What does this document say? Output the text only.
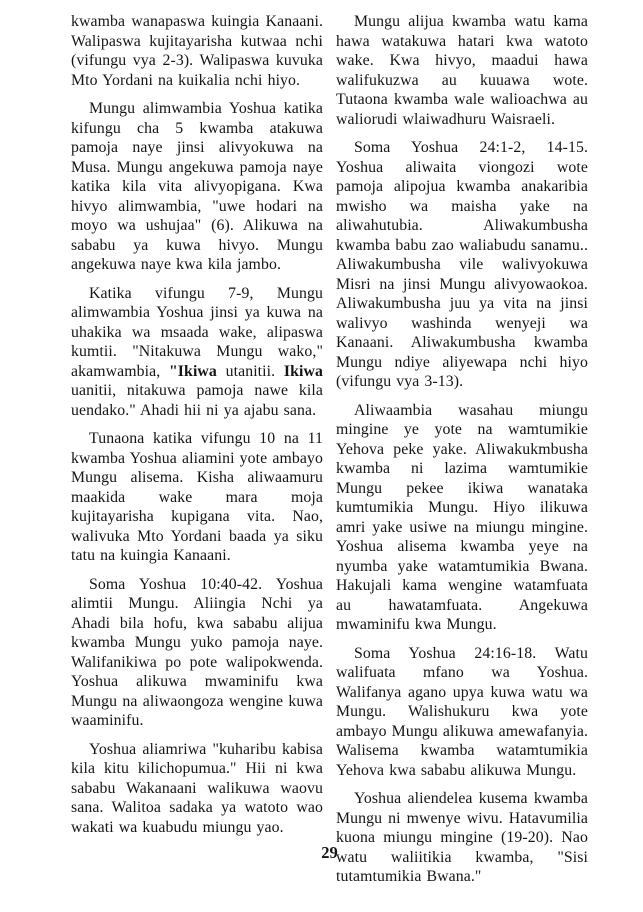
kwamba wanapaswa kuingia Kanaani. Walipaswa kujitayarisha kutwaa nchi (vifungu vya 2-3). Walipaswa kuvuka Mto Yordani na kuikalia nchi hiyo.

Mungu alimwambia Yoshua katika kifungu cha 5 kwamba atakuwa pamoja naye jinsi alivyokuwa na Musa. Mungu angekuwa pamoja naye katika kila vita alivyopigana. Kwa hivyo alimwambia, "uwe hodari na moyo wa ushujaa" (6). Alikuwa na sababu ya kuwa hivyo. Mungu angekuwa naye kwa kila jambo.

Katika vifungu 7-9, Mungu alimwambia Yoshua jinsi ya kuwa na uhakika wa msaada wake, alipaswa kumtii. "Nitakuwa Mungu wako," akamwambia, "Ikiwa utanitii. Ikiwa uanitii, nitakuwa pamoja nawe kila uendako." Ahadi hii ni ya ajabu sana.

Tunaona katika vifungu 10 na 11 kwamba Yoshua aliamini yote ambayo Mungu alisema. Kisha aliwaamuru maakida wake mara moja kujitayarisha kupigana vita. Nao, walivuka Mto Yordani baada ya siku tatu na kuingia Kanaani.

Soma Yoshua 10:40-42. Yoshua alimtii Mungu. Aliingia Nchi ya Ahadi bila hofu, kwa sababu alijua kwamba Mungu yuko pamoja naye. Walifanikiwa po pote walipokwenda. Yoshua alikuwa mwaminifu kwa Mungu na aliwaongoza wengine kuwa waaminifu.

Yoshua aliamriwa "kuharibu kabisa kila kitu kilichopumua." Hii ni kwa sababu Wakanaani walikuwa waovu sana. Walitoa sadaka ya watoto wao wakati wa kuabudu miungu yao.

Mungu alijua kwamba watu kama hawa watakuwa hatari kwa watoto wake. Kwa hivyo, maadui hawa walifukuzwa au kuuawa wote. Tutaona kwamba wale walioachwa au waliorudi wlaiwadhuru Waisraeli.

Soma Yoshua 24:1-2, 14-15. Yoshua aliwaita viongozi wote pamoja alipojua kwamba anakaribia mwisho wa maisha yake na aliwahutubia. Aliwakumbusha kwamba babu zao waliabudu sanamu.. Aliwakumbusha vile walivyokuwa Misri na jinsi Mungu alivyowaokoa. Aliwakumbusha juu ya vita na jinsi walivyo washinda wenyeji wa Kanaani. Aliwakumbusha kwamba Mungu ndiye aliyewapa nchi hiyo (vifungu vya 3-13).

Aliwaambia wasahau miungu mingine ye yote na wamtumikie Yehova peke yake. Aliwakukmbusha kwamba ni lazima wamtumikie Mungu pekee ikiwa wanataka kumtumikia Mungu. Hiyo ilikuwa amri yake usiwe na miungu mingine. Yoshua alisema kwamba yeye na nyumba yake watamtumikia Bwana. Hakujali kama wengine watamfuata au hawatamfuata. Angekuwa mwaminifu kwa Mungu.

Soma Yoshua 24:16-18. Watu walifuata mfano wa Yoshua. Walifanya agano upya kuwa watu wa Mungu. Walishukuru kwa yote ambayo Mungu alikuwa amewafanyia. Walisema kwamba watamtumikia Yehova kwa sababu alikuwa Mungu.

Yoshua aliendelea kusema kwamba Mungu ni mwenye wivu. Hatavumilia kuona miungu mingine (19-20). Nao watu waliitikia kwamba, "Sisi tutamtumikia Bwana."

29
